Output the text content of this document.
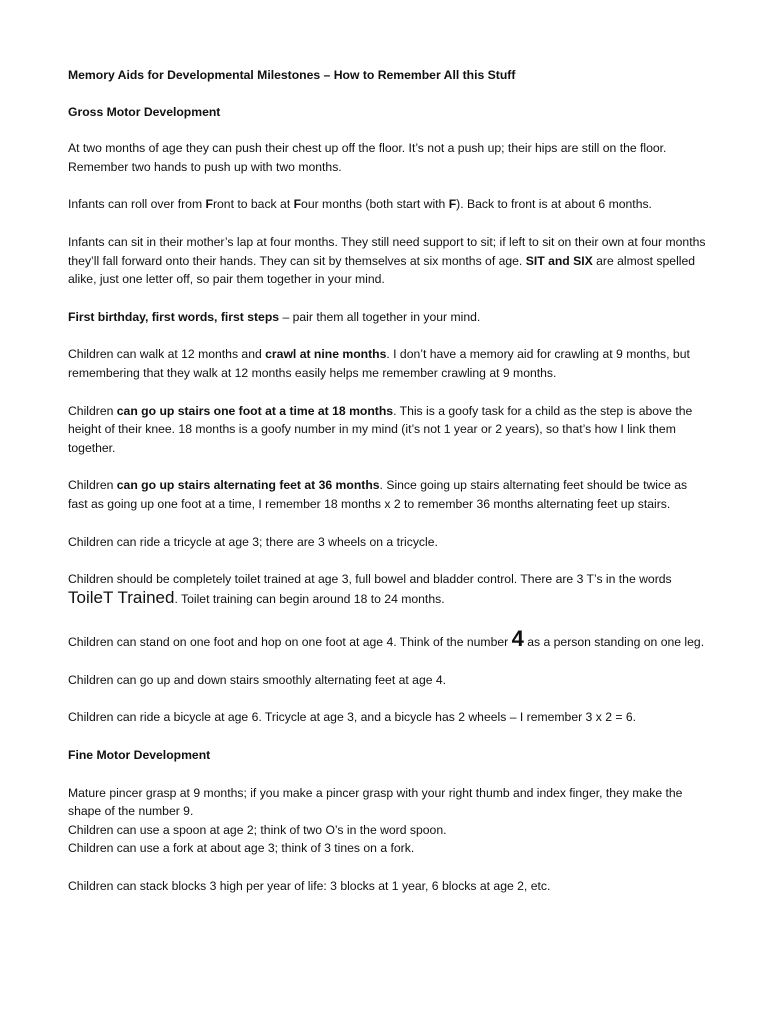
Memory Aids for Developmental Milestones – How to Remember All this Stuff

Gross Motor Development

At two months of age they can push their chest up off the floor. It’s not a push up; their hips are still on the floor. Remember two hands to push up with two months.

Infants can roll over from Front to back at Four months (both start with F). Back to front is at about 6 months.

Infants can sit in their mother’s lap at four months. They still need support to sit; if left to sit on their own at four months they’ll fall forward onto their hands. They can sit by themselves at six months of age. SIT and SIX are almost spelled alike, just one letter off, so pair them together in your mind.

First birthday, first words, first steps – pair them all together in your mind.

Children can walk at 12 months and crawl at nine months. I don’t have a memory aid for crawling at 9 months, but remembering that they walk at 12 months easily helps me remember crawling at 9 months.

Children can go up stairs one foot at a time at 18 months. This is a goofy task for a child as the step is above the height of their knee. 18 months is a goofy number in my mind (it’s not 1 year or 2 years), so that’s how I link them together.

Children can go up stairs alternating feet at 36 months. Since going up stairs alternating feet should be twice as fast as going up one foot at a time, I remember 18 months x 2 to remember 36 months alternating feet up stairs.

Children can ride a tricycle at age 3; there are 3 wheels on a tricycle.

Children should be completely toilet trained at age 3, full bowel and bladder control. There are 3 T’s in the words ToileT Trained. Toilet training can begin around 18 to 24 months.

Children can stand on one foot and hop on one foot at age 4. Think of the number 4 as a person standing on one leg.

Children can go up and down stairs smoothly alternating feet at age 4.

Children can ride a bicycle at age 6. Tricycle at age 3, and a bicycle has 2 wheels – I remember 3 x 2 = 6.

Fine Motor Development

Mature pincer grasp at 9 months; if you make a pincer grasp with your right thumb and index finger, they make the shape of the number 9.

Children can use a spoon at age 2; think of two O’s in the word spoon.

Children can use a fork at about age 3; think of 3 tines on a fork.

Children can stack blocks 3 high per year of life: 3 blocks at 1 year, 6 blocks at age 2, etc.
